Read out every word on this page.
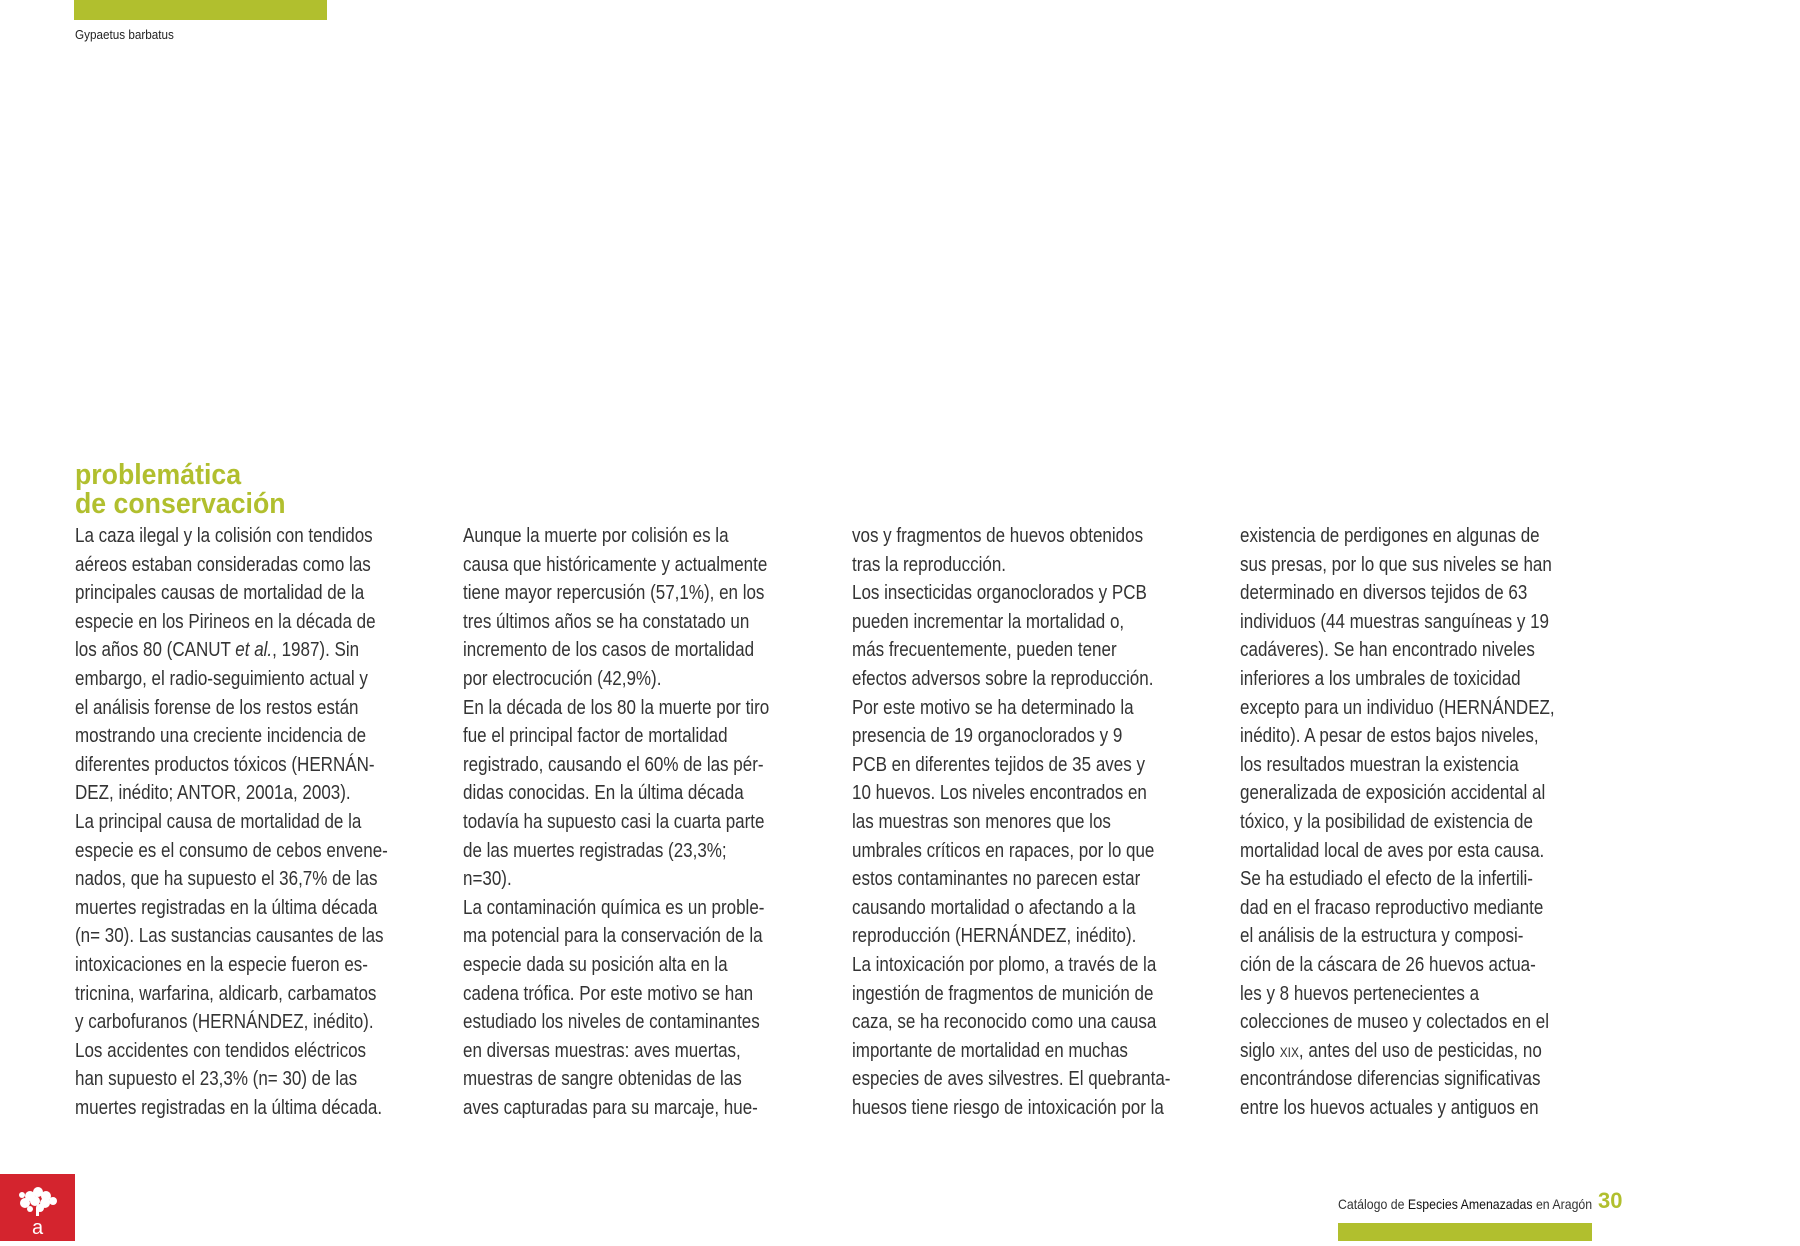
Gypaetus barbatus
problemática
de conservación
La caza ilegal y la colisión con tendidos
aéreos estaban consideradas como las
principales causas de mortalidad de la
especie en los Pirineos en la década de
los años 80 (CANUT et al., 1987). Sin
embargo, el radio-seguimiento actual y
el análisis forense de los restos están
mostrando una creciente incidencia de
diferentes productos tóxicos (HERNÁN-
DEZ, inédito; ANTOR, 2001a, 2003).
La principal causa de mortalidad de la
especie es el consumo de cebos envene-
nados, que ha supuesto el 36,7% de las
muertes registradas en la última década
(n= 30). Las sustancias causantes de las
intoxicaciones en la especie fueron es-
tricnina, warfarina, aldicarb, carbamatos
y carbofuranos (HERNÁNDEZ, inédito).
Los accidentes con tendidos eléctricos
han supuesto el 23,3% (n= 30) de las
muertes registradas en la última década.
Aunque la muerte por colisión es la
causa que históricamente y actualmente
tiene mayor repercusión (57,1%), en los
tres últimos años se ha constatado un
incremento de los casos de mortalidad
por electrocución (42,9%).
En la década de los 80 la muerte por tiro
fue el principal factor de mortalidad
registrado, causando el 60% de las pér-
didas conocidas. En la última década
todavía ha supuesto casi la cuarta parte
de las muertes registradas (23,3%;
n=30).
La contaminación química es un proble-
ma potencial para la conservación de la
especie dada su posición alta en la
cadena trófica. Por este motivo se han
estudiado los niveles de contaminantes
en diversas muestras: aves muertas,
muestras de sangre obtenidas de las
aves capturadas para su marcaje, hue-
vos y fragmentos de huevos obtenidos
tras la reproducción.
Los insecticidas organoclorados y PCB
pueden incrementar la mortalidad o,
más frecuentemente, pueden tener
efectos adversos sobre la reproducción.
Por este motivo se ha determinado la
presencia de 19 organoclorados y 9
PCB en diferentes tejidos de 35 aves y
10 huevos. Los niveles encontrados en
las muestras son menores que los
umbrales críticos en rapaces, por lo que
estos contaminantes no parecen estar
causando mortalidad o afectando a la
reproducción (HERNÁNDEZ, inédito).
La intoxicación por plomo, a través de la
ingestión de fragmentos de munición de
caza, se ha reconocido como una causa
importante de mortalidad en muchas
especies de aves silvestres. El quebranta-
huesos tiene riesgo de intoxicación por la
existencia de perdigones en algunas de
sus presas, por lo que sus niveles se han
determinado en diversos tejidos de 63
individuos (44 muestras sanguíneas y 19
cadáveres). Se han encontrado niveles
inferiores a los umbrales de toxicidad
excepto para un individuo (HERNÁNDEZ,
inédito). A pesar de estos bajos niveles,
los resultados muestran la existencia
generalizada de exposición accidental al
tóxico, y la posibilidad de existencia de
mortalidad local de aves por esta causa.
Se ha estudiado el efecto de la infertili-
dad en el fracaso reproductivo mediante
el análisis de la estructura y composi-
ción de la cáscara de 26 huevos actua-
les y 8 huevos pertenecientes a
colecciones de museo y colectados en el
siglo xix, antes del uso de pesticidas, no
encontrándose diferencias significativas
entre los huevos actuales y antiguos en
a
Catálogo de Especies Amenazadas en Aragón 30
